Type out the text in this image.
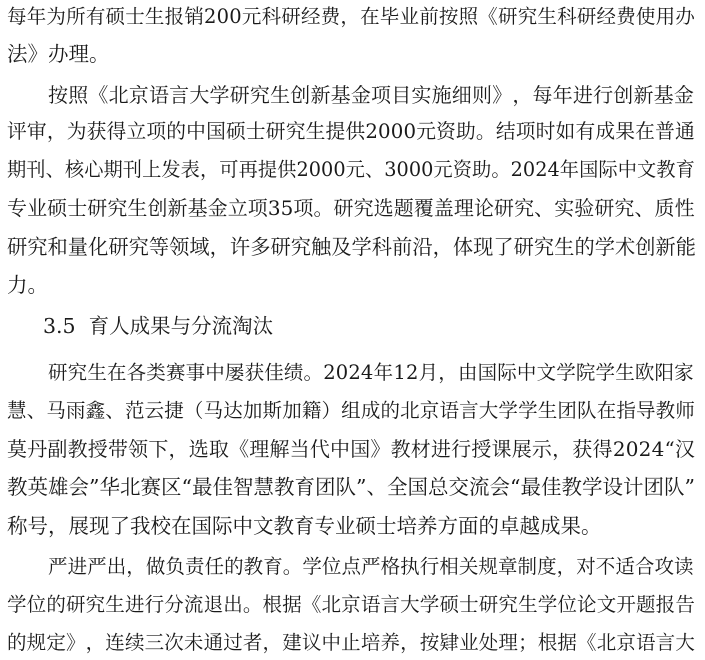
每 年 为 所 有 硕 士 生 报 销 2 0 0 元 科 研 经 费 ， 在 毕 业 前 按 照 《 研 究 生 科 研 经 费 使 用 办
法》办理。
按 照 《 北 京 语 言 大 学 研 究 生 创 新 基 金 项 目 实 施 细 则 》 ， 每 年 进 行 创 新 基 金
评 审 ， 为 获 得 立 项 的 中 国 硕 士 研 究 生 提 供 2 0 0 0 元 资 助 。 结 项 时 如 有 成 果 在 普 通
期 刊 、 核 心 期 刊 上 发 表 ， 可 再 提 供 2 0 0 0 元 、 3 0 0 0 元 资 助 。 2 0 2 4 年 国 际 中 文 教 育
专 业 硕 士 研 究 生 创 新 基 金 立 项 3 5 项 。 研 究 选 题 覆 盖 理 论 研 究 、 实 验 研 究 、 质 性
研 究 和 量 化 研 究 等 领 域 ， 许 多 研 究 触 及 学 科 前 沿 ， 体 现 了 研 究 生 的 学 术 创 新 能
力。
3.5  育人成果与分流淘汰
研 究 生 在 各 类 赛 事 中 屡 获 佳 绩 。 2 0 2 4 年 1 2 月 ， 由 国 际 中 文 学 院 学 生 欧 阳 家
慧 、 马 雨 鑫 、 范 云 捷 （ 马 达 加 斯 加 籍 ） 组 成 的 北 京 语 言 大 学 学 生 团 队 在 指 导 教 师
莫 丹 副 教 授 带 领 下 ， 选 取 《 理 解 当 代 中 国 》 教 材 进 行 授 课 展 示 ， 获 得 2 0 2 4 “ 汉
教 英 雄 会 ” 华 北 赛 区 “ 最 佳 智 慧 教 育 团 队 ” 、 全 国 总 交 流 会 “ 最 佳 教 学 设 计 团 队 ”
称号，展现了我校在国际中文教育专业硕士培养方面的卓越成果。
严 进 严 出 ， 做 负 责 任 的 教 育 。 学 位 点 严 格 执 行 相 关 规 章 制 度 ， 对 不 适 合 攻 读
学 位 的 研 究 生 进 行 分 流 退 出 。 根 据 《 北 京 语 言 大 学 硕 士 研 究 生 学 位 论 文 开 题 报 告
的 规 定 》 ， 连 续 三 次 未 通 过 者 ， 建 议 中 止 培 养 ， 按 肄 业 处 理 ； 根 据 《 北 京 语 言 大
